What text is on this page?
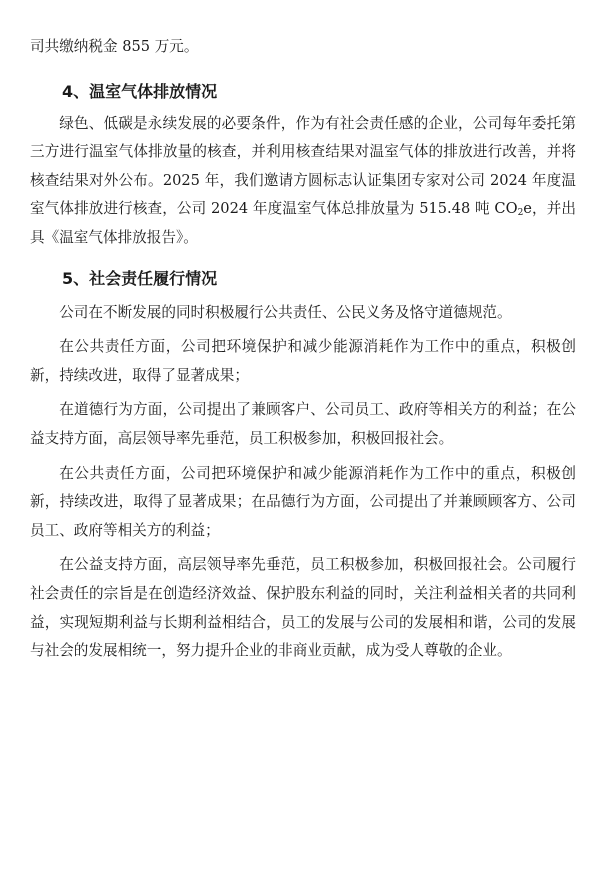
司共缴纳税金 855 万元。

4、温室气体排放情况

绿色、低碳是永续发展的必要条件，作为有社会责任感的企业，公司每年委托第三方进行温室气体排放量的核查，并利用核查结果对温室气体的排放进行改善，并将核查结果对外公布。2025 年，我们邀请方圆标志认证集团专家对公司 2024 年度温室气体排放进行核查，公司 2024 年度温室气体总排放量为 515.48 吨 $CO_2e$，并出具《温室气体排放报告》。

5、社会责任履行情况

公司在不断发展的同时积极履行公共责任、公民义务及恪守道德规范。

在公共责任方面，公司把环境保护和减少能源消耗作为工作中的重点，积极创新，持续改进，取得了显著成果；

在道德行为方面，公司提出了兼顾客户、公司员工、政府等相关方的利益；在公益支持方面，高层领导率先垂范，员工积极参加，积极回报社会。

在公共责任方面，公司把环境保护和减少能源消耗作为工作中的重点，积极创新，持续改进，取得了显著成果；在品德行为方面，公司提出了并兼顾顾客方、公司员工、政府等相关方的利益；

在公益支持方面，高层领导率先垂范，员工积极参加，积极回报社会。公司履行社会责任的宗旨是在创造经济效益、保护股东利益的同时，关注利益相关者的共同利益，实现短期利益与长期利益相结合，员工的发展与公司的发展相和谐，公司的发展与社会的发展相统一，努力提升企业的非商业贡献，成为受人尊敬的企业。
